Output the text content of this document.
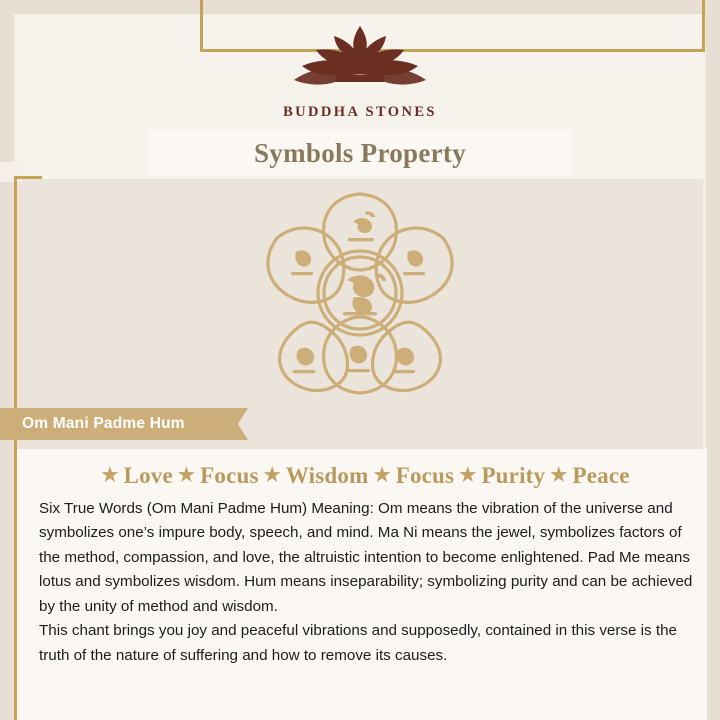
BUDDHA STONES
Symbols Property
Om Mani Padme Hum
★ Love ★ Focus ★ Wisdom ★ Focus ★ Purity ★ Peace
Six True Words (Om Mani Padme Hum) Meaning: Om means the vibration of the universe and symbolizes one’s impure body, speech, and mind. Ma Ni means the jewel, symbolizes factors of the method, compassion, and love, the altruistic intention to become enlightened. Pad Me means lotus and symbolizes wisdom. Hum means inseparability; symbolizing purity and can be achieved by the unity of method and wisdom.
This chant brings you joy and peaceful vibrations and supposedly, contained in this verse is the truth of the nature of suffering and how to remove its causes.
